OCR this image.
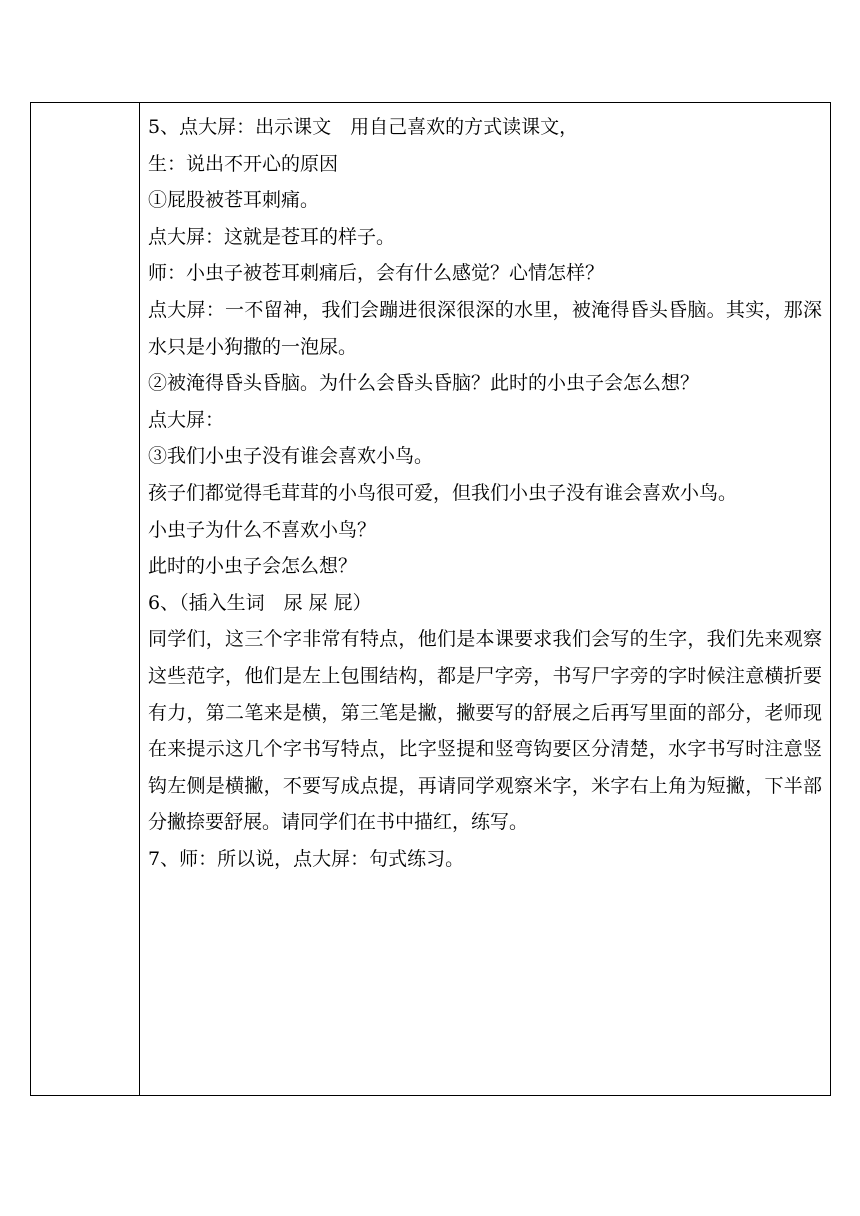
5、点大屏：出示课文　用自己喜欢的方式读课文，
生：说出不开心的原因
①屁股被苍耳刺痛。
点大屏：这就是苍耳的样子。
师：小虫子被苍耳刺痛后，会有什么感觉？心情怎样？
点大屏：一不留神，我们会蹦进很深很深的水里，被淹得昏头昏脑。其实，那深水只是小狗撒的一泡尿。
②被淹得昏头昏脑。为什么会昏头昏脑？此时的小虫子会怎么想？
点大屏：
③我们小虫子没有谁会喜欢小鸟。
孩子们都觉得毛茸茸的小鸟很可爱，但我们小虫子没有谁会喜欢小鸟。
小虫子为什么不喜欢小鸟？
此时的小虫子会怎么想？
6、（插入生词　尿 屎 屁）
同学们，这三个字非常有特点，他们是本课要求我们会写的生字，我们先来观察这些范字，他们是左上包围结构，都是尸字旁，书写尸字旁的字时候注意横折要有力，第二笔来是横，第三笔是撇，撇要写的舒展之后再写里面的部分，老师现在来提示这几个字书写特点，比字竖提和竖弯钩要区分清楚，水字书写时注意竖钩左侧是横撇，不要写成点提，再请同学观察米字，米字右上角为短撇，下半部分撇捺要舒展。请同学们在书中描红，练写。
7、师：所以说，点大屏：句式练习。
